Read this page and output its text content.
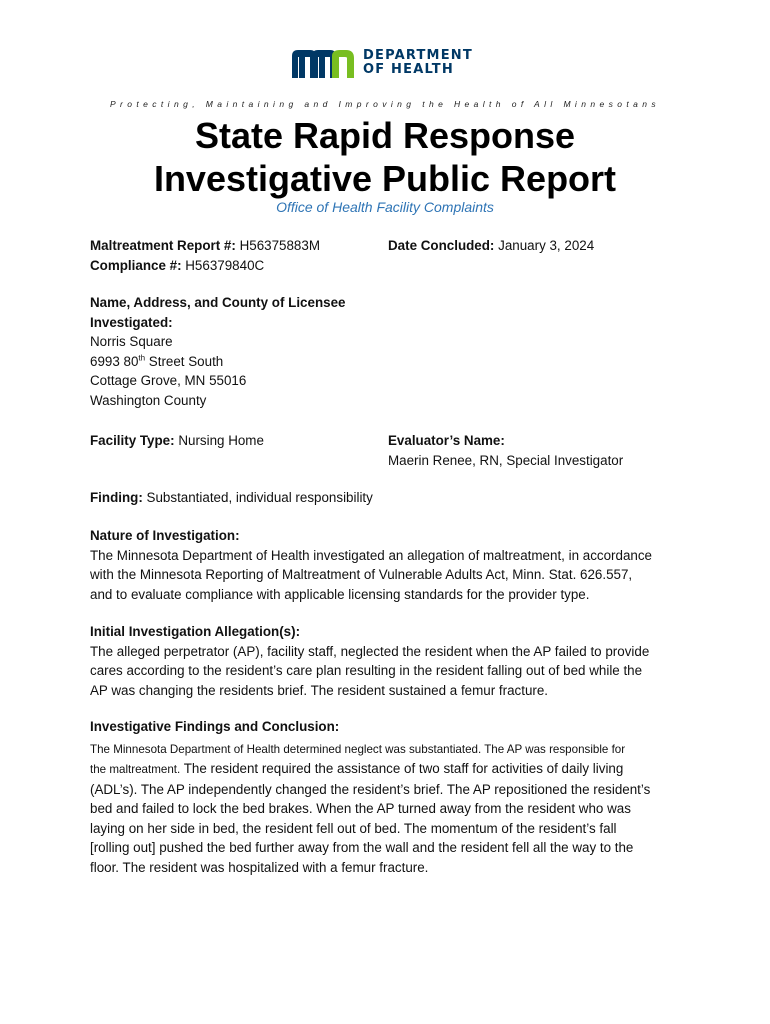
DEPARTMENT
OF HEALTH
Protecting, Maintaining and Improving the Health of All Minnesotans
State Rapid Response
Investigative Public Report
Office of Health Facility Complaints
Maltreatment Report #: H56375883M
Compliance #: H56379840C
Date Concluded: January 3, 2024
Name, Address, and County of Licensee
Investigated:
Norris Square
6993 80th Street South
Cottage Grove, MN 55016
Washington County
Facility Type: Nursing Home	Evaluator’s Name:
Maerin Renee, RN, Special Investigator
Finding: Substantiated, individual responsibility
Nature of Investigation:
The Minnesota Department of Health investigated an allegation of maltreatment, in accordance
with the Minnesota Reporting of Maltreatment of Vulnerable Adults Act, Minn. Stat. 626.557,
and to evaluate compliance with applicable licensing standards for the provider type.
Initial Investigation Allegation(s):
The alleged perpetrator (AP), facility staff, neglected the resident when the AP failed to provide
cares according to the resident’s care plan resulting in the resident falling out of bed while the
AP was changing the residents brief. The resident sustained a femur fracture.
Investigative Findings and Conclusion:
The Minnesota Department of Health determined neglect was substantiated. The AP was responsible for
the maltreatment. The resident required the assistance of two staff for activities of daily living
(ADL’s). The AP independently changed the resident’s brief. The AP repositioned the resident’s
bed and failed to lock the bed brakes. When the AP turned away from the resident who was
laying on her side in bed, the resident fell out of bed. The momentum of the resident’s fall
[rolling out] pushed the bed further away from the wall and the resident fell all the way to the
floor. The resident was hospitalized with a femur fracture.
